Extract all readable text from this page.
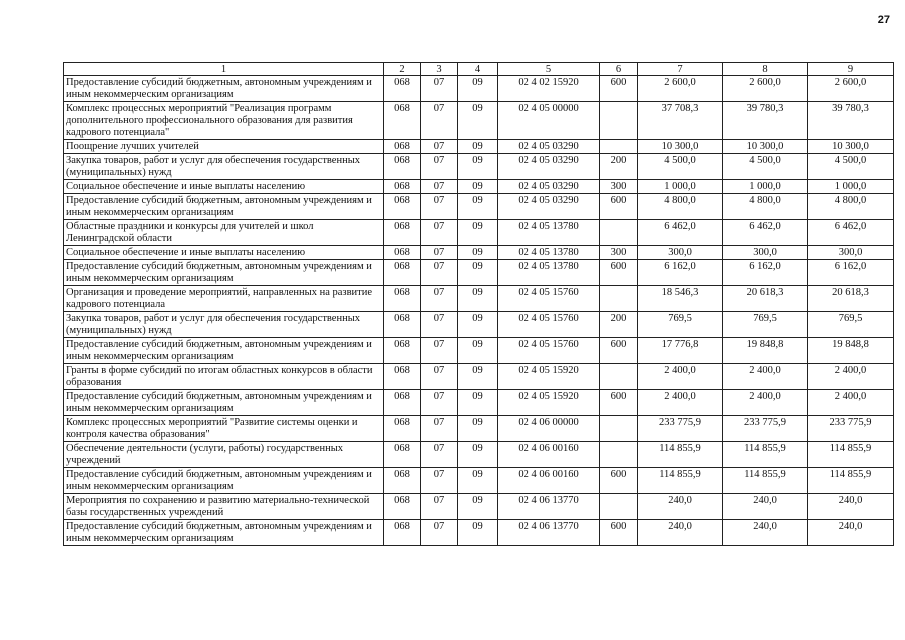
27
1	2	3	4	5	6	7	8	9
Предоставление субсидий бюджетным, автономным учреждениям и иным некоммерческим организациям	068	07	09	02 4 02 15920	600	2 600,0	2 600,0	2 600,0
Комплекс процессных мероприятий "Реализация программ дополнительного профессионального образования для развития кадрового потенциала"	068	07	09	02 4 05 00000		37 708,3	39 780,3	39 780,3
Поощрение лучших учителей	068	07	09	02 4 05 03290		10 300,0	10 300,0	10 300,0
Закупка товаров, работ и услуг для обеспечения государственных (муниципальных) нужд	068	07	09	02 4 05 03290	200	4 500,0	4 500,0	4 500,0
Социальное обеспечение и иные выплаты населению	068	07	09	02 4 05 03290	300	1 000,0	1 000,0	1 000,0
Предоставление субсидий бюджетным, автономным учреждениям и иным некоммерческим организациям	068	07	09	02 4 05 03290	600	4 800,0	4 800,0	4 800,0
Областные праздники и конкурсы для учителей и школ Ленинградской области	068	07	09	02 4 05 13780		6 462,0	6 462,0	6 462,0
Социальное обеспечение и иные выплаты населению	068	07	09	02 4 05 13780	300	300,0	300,0	300,0
Предоставление субсидий бюджетным, автономным учреждениям и иным некоммерческим организациям	068	07	09	02 4 05 13780	600	6 162,0	6 162,0	6 162,0
Организация и проведение мероприятий, направленных на развитие кадрового потенциала	068	07	09	02 4 05 15760		18 546,3	20 618,3	20 618,3
Закупка товаров, работ и услуг для обеспечения государственных (муниципальных) нужд	068	07	09	02 4 05 15760	200	769,5	769,5	769,5
Предоставление субсидий бюджетным, автономным учреждениям и иным некоммерческим организациям	068	07	09	02 4 05 15760	600	17 776,8	19 848,8	19 848,8
Гранты в форме субсидий по итогам областных конкурсов в области образования	068	07	09	02 4 05 15920		2 400,0	2 400,0	2 400,0
Предоставление субсидий бюджетным, автономным учреждениям и иным некоммерческим организациям	068	07	09	02 4 05 15920	600	2 400,0	2 400,0	2 400,0
Комплекс процессных мероприятий "Развитие системы оценки и контроля качества образования"	068	07	09	02 4 06 00000		233 775,9	233 775,9	233 775,9
Обеспечение деятельности (услуги, работы) государственных учреждений	068	07	09	02 4 06 00160		114 855,9	114 855,9	114 855,9
Предоставление субсидий бюджетным, автономным учреждениям и иным некоммерческим организациям	068	07	09	02 4 06 00160	600	114 855,9	114 855,9	114 855,9
Мероприятия по сохранению и развитию материально-технической базы государственных учреждений	068	07	09	02 4 06 13770		240,0	240,0	240,0
Предоставление субсидий бюджетным, автономным учреждениям и иным некоммерческим организациям	068	07	09	02 4 06 13770	600	240,0	240,0	240,0
